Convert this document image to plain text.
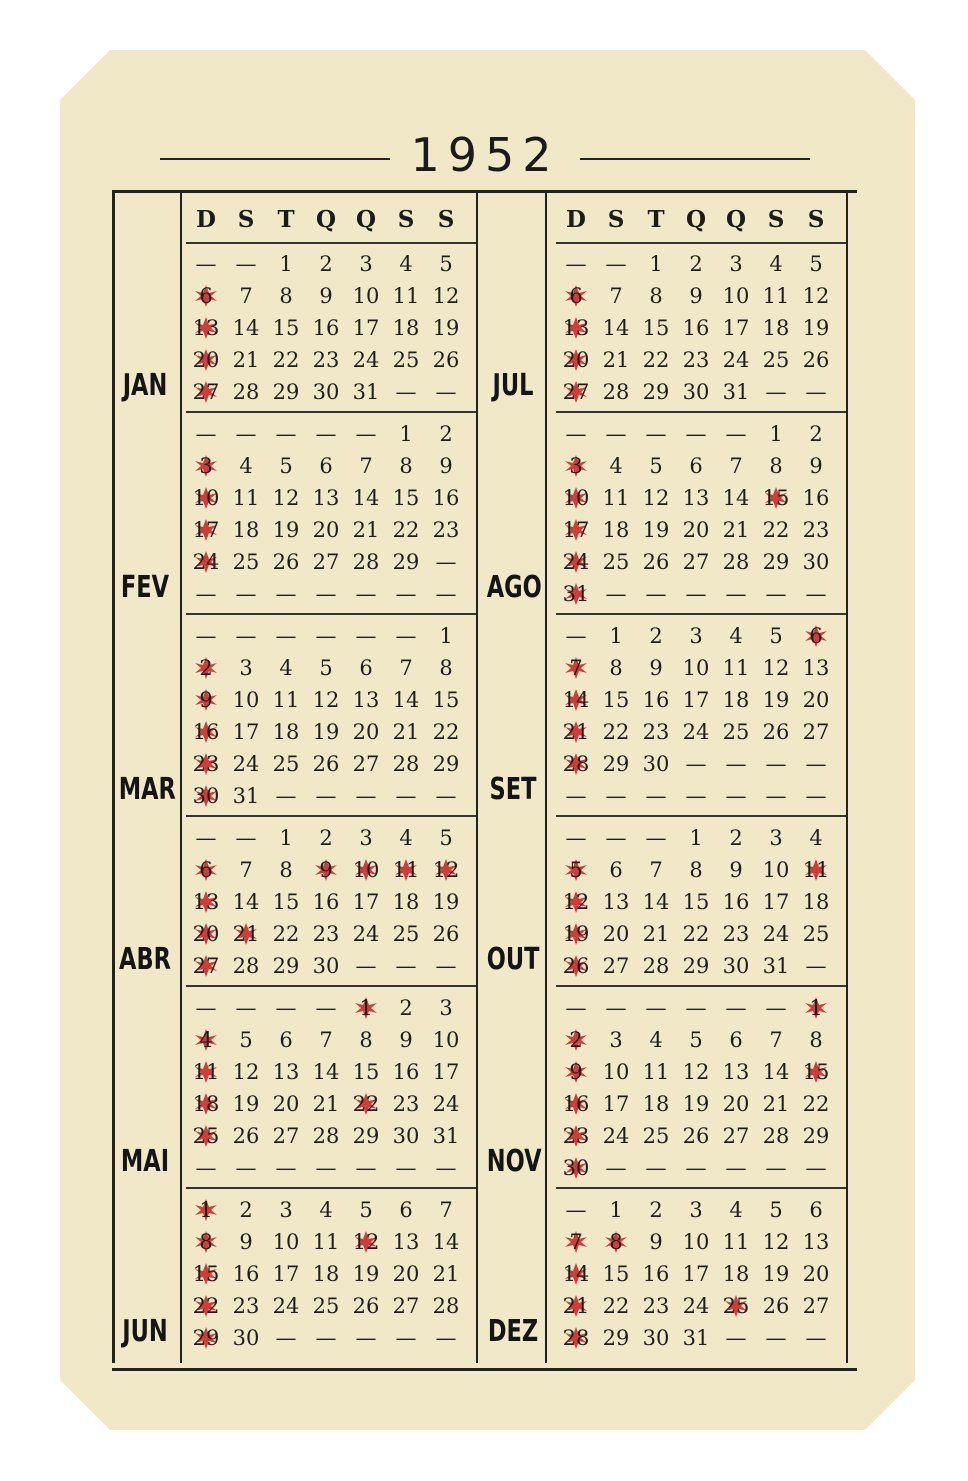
1952
D S	T Q Q S	S
— —	1	2	3	4	5
6	7	8	9 10 11 12
13 14 15 16 17 18 19
20 21 22 23 24 25 26
27 28 29 30 31 — —
— — — — —	1	2
3	4	5	6	7	8	9
10 11 12 13 14 15 16
17 18 19 20 21 22 23
24 25 26 27 28 29 —
— — — — — — —
— — — — — —	1
2	3	4	5	6	7	8
9 10 11 12 13 14 15
16 17 18 19 20 21 22
23 24 25 26 27 28 29
30 31 — — — — —
— —	1	2	3	4	5
6	7	8	9 10 11 12
13 14 15 16 17 18 19
20 21 22 23 24 25 26
27 28 29 30 — — —
— — — —	1	2	3
4	5	6	7	8	9 10
11 12 13 14 15 16 17
18 19 20 21 22 23 24
25 26 27 28 29 30 31
— — — — — — —
1	2	3	4	5	6	7
8	9 10 11 12 13 14
15 16 17 18 19 20 21
22 23 24 25 26 27 28
29 30 — — — — —
D S	T Q Q S	S
— —	1	2	3	4	5
6	7	8	9 10 11 12
13 14 15 16 17 18 19
20 21 22 23 24 25 26
27 28 29 30 31 — —
— — — — —	1	2
3	4	5	6	7	8	9
10 11 12 13 14 15 16
17 18 19 20 21 22 23
24 25 26 27 28 29 30
31 — — — — — —
—	1	2	3	4	5	6
7	8	9 10 11 12 13
14 15 16 17 18 19 20
21 22 23 24 25 26 27
28 29 30 — — — —
— — — — — — —
— — —	1	2	3	4
5	6	7	8	9 10 11
12 13 14 15 16 17 18
19 20 21 22 23 24 25
26 27 28 29 30 31 —
— — — — — —	1
2	3	4	5	6	7	8
9 10 11 12 13 14 15
16 17 18 19 20 21 22
23 24 25 26 27 28 29
30 — — — — — —
—	1	2	3	4	5	6
7	8	9 10 11 12 13
14 15 16 17 18 19 20
21 22 23 24 25 26 27
28 29 30 31 — — —
JAN
FEV
MAR
ABR
MAI
JUN
JUL
AGO
SET
OUT
NOV
DEZ
